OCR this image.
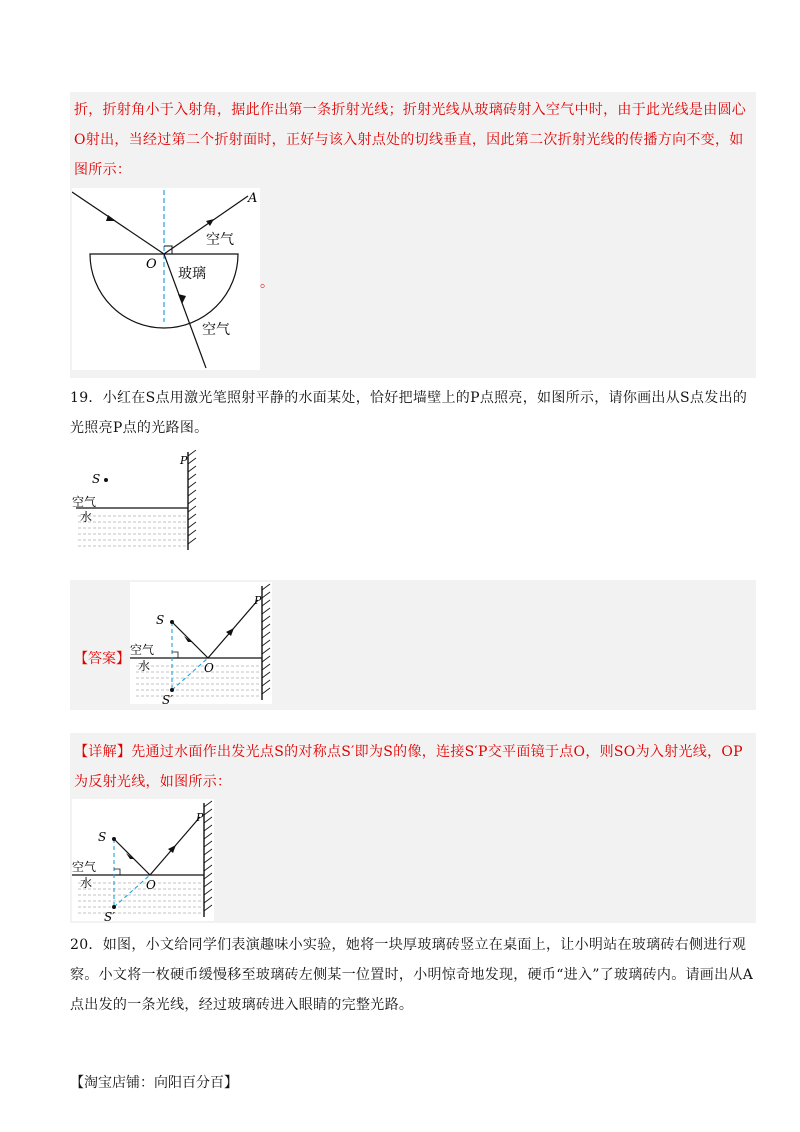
折，折射角小于入射角，据此作出第一条折射光线；折射光线从玻璃砖射入空气中时，由于此光线是由圆心O射出，当经过第二个折射面时，正好与该入射点处的切线垂直，因此第二次折射光线的传播方向不变，如图所示：
A
O
空气
玻璃
空气
。
19．小红在S点用激光笔照射平静的水面某处，恰好把墙壁上的P点照亮，如图所示，请你画出从S点发出的光照亮P点的光路图。
S
P
空气
水
【答案】
S
P
O
S′
空气
水
【详解】先通过水面作出发光点S的对称点S′即为S的像，连接S′P交平面镜于点O，则SO为入射光线，OP为反射光线，如图所示：
S
P
O
S′
空气
水
20．如图，小文给同学们表演趣味小实验，她将一块厚玻璃砖竖立在桌面上，让小明站在玻璃砖右侧进行观察。小文将一枚硬币缓慢移至玻璃砖左侧某一位置时，小明惊奇地发现，硬币“进入”了玻璃砖内。请画出从A点出发的一条光线，经过玻璃砖进入眼睛的完整光路。
【淘宝店铺：向阳百分百】
